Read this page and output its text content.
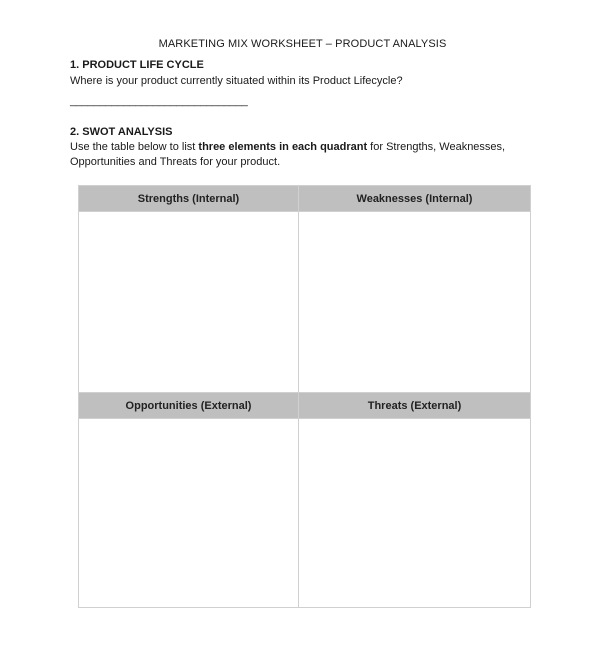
MARKETING MIX WORKSHEET – PRODUCT ANALYSIS
1. PRODUCT LIFE CYCLE
Where is your product currently situated within its Product Lifecycle?
______________________________
2. SWOT ANALYSIS
Use the table below to list three elements in each quadrant for Strengths, Weaknesses, Opportunities and Threats for your product.
Strengths (Internal)	Weaknesses (Internal)

Opportunities (External)	Threats (External)
